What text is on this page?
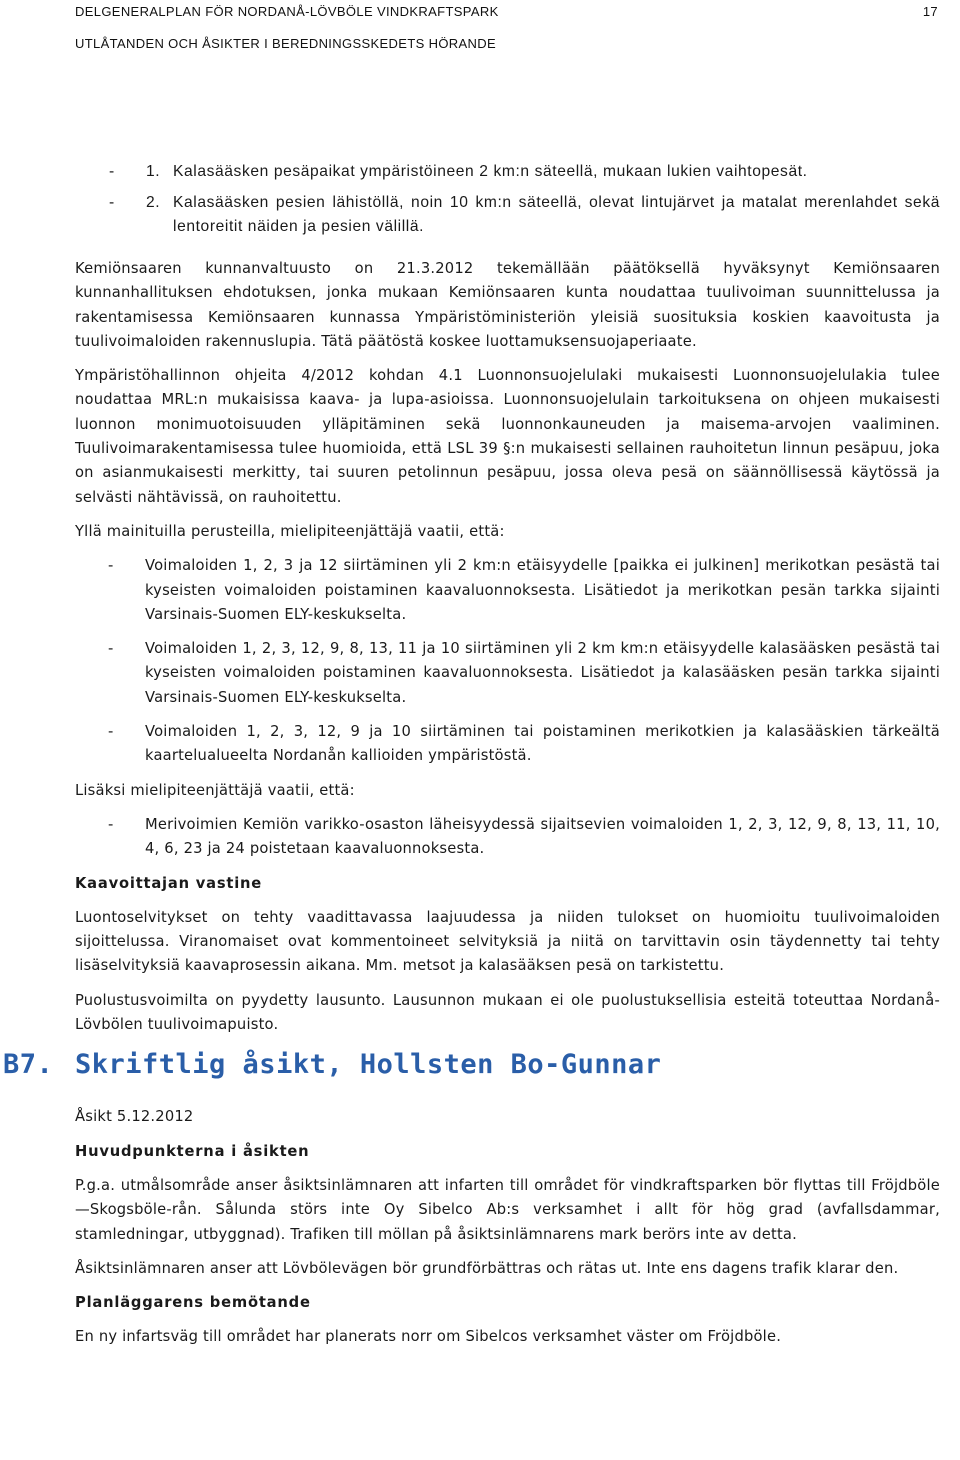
DELGENERALPLAN FÖR NORDANÅ-LÖVBÖLE VINDKRAFTSPARK	17
UTLÅTANDEN OCH ÅSIKTER I BEREDNINGSSKEDETS HÖRANDE
-	1. Kalasääsken pesäpaikat ympäristöineen 2 km:n säteellä, mukaan lukien vaihtopesät.
-	2. Kalasääsken pesien lähistöllä, noin 10 km:n säteellä, olevat lintujärvet ja matalat merenlahdet sekä lentoreitit näiden ja pesien välillä.

Kemiönsaaren kunnanvaltuusto on 21.3.2012 tekemällään päätöksellä hyväksynyt Kemiönsaaren kunnanhallituksen ehdotuksen, jonka mukaan Kemiönsaaren kunta noudattaa tuulivoiman suunnittelussa ja rakentamisessa Kemiönsaaren kunnassa Ympäristöministeriön yleisiä suosituksia koskien kaavoitusta ja tuulivoimaloiden rakennuslupia. Tätä päätöstä koskee luottamuksensuojaperiaate.

Ympäristöhallinnon ohjeita 4/2012 kohdan 4.1 Luonnonsuojelulaki mukaisesti Luonnonsuojelulakia tulee noudattaa MRL:n mukaisissa kaava- ja lupa-asioissa. Luonnonsuojelulain tarkoituksena on ohjeen mukaisesti luonnon monimuotoisuuden ylläpitäminen sekä luonnonkauneuden ja maisema-arvojen vaaliminen. Tuulivoimarakentamisessa tulee huomioida, että LSL 39 §:n mukaisesti sellainen rauhoitetun linnun pesäpuu, joka on asianmukaisesti merkitty, tai suuren petolinnun pesäpuu, jossa oleva pesä on säännöllisessä käytössä ja selvästi nähtävissä, on rauhoitettu.

Yllä mainituilla perusteilla, mielipiteenjättäjä vaatii, että:

-	Voimaloiden 1, 2, 3 ja 12 siirtäminen yli 2 km:n etäisyydelle [paikka ei julkinen] merikotkan pesästä tai kyseisten voimaloiden poistaminen kaavaluonnoksesta. Lisätiedot ja merikotkan pesän tarkka sijainti Varsinais-Suomen ELY-keskukselta.
-	Voimaloiden 1, 2, 3, 12, 9, 8, 13, 11 ja 10 siirtäminen yli 2 km km:n etäisyydelle kalasääsken pesästä tai kyseisten voimaloiden poistaminen kaavaluonnoksesta. Lisätiedot ja kalasääsken pesän tarkka sijainti Varsinais-Suomen ELY-keskukselta.
-	Voimaloiden 1, 2, 3, 12, 9 ja 10 siirtäminen tai poistaminen merikotkien ja kalasääskien tärkeältä kaartelualueelta Nordanån kallioiden ympäristöstä.

Lisäksi mielipiteenjättäjä vaatii, että:

-	Merivoimien Kemiön varikko-osaston läheisyydessä sijaitsevien voimaloiden 1, 2, 3, 12, 9, 8, 13, 11, 10, 4, 6, 23 ja 24 poistetaan kaavaluonnoksesta.
Kaavoittajan vastine

Luontoselvitykset on tehty vaadittavassa laajuudessa ja niiden tulokset on huomioitu tuulivoimaloiden sijoittelussa. Viranomaiset ovat kommentoineet selvityksiä ja niitä on tarvittavin osin täydennetty tai tehty lisäselvityksiä kaavaprosessin aikana. Mm. metsot ja kalasääksen pesä on tarkistettu.

Puolustusvoimilta on pyydetty lausunto. Lausunnon mukaan ei ole puolustuksellisia esteitä toteuttaa Nordanå-Lövbölen tuulivoimapuisto.

B7. Skriftlig åsikt, Hollsten Bo-Gunnar

Åsikt 5.12.2012

Huvudpunkterna i åsikten

P.g.a. utmålsområde anser åsiktsinlämnaren att infarten till området för vindkraftsparken bör flyttas till Fröjdböle—Skogsböle-rån. Sålunda störs inte Oy Sibelco Ab:s verksamhet i allt för hög grad (avfallsdammar, stamledningar, utbyggnad). Trafiken till möllan på åsiktsinlämnarens mark berörs inte av detta.

Åsiktsinlämnaren anser att Lövbölevägen bör grundförbättras och rätas ut. Inte ens dagens trafik klarar den.

Planläggarens bemötande

En ny infartsväg till området har planerats norr om Sibelcos verksamhet väster om Fröjdböle.
